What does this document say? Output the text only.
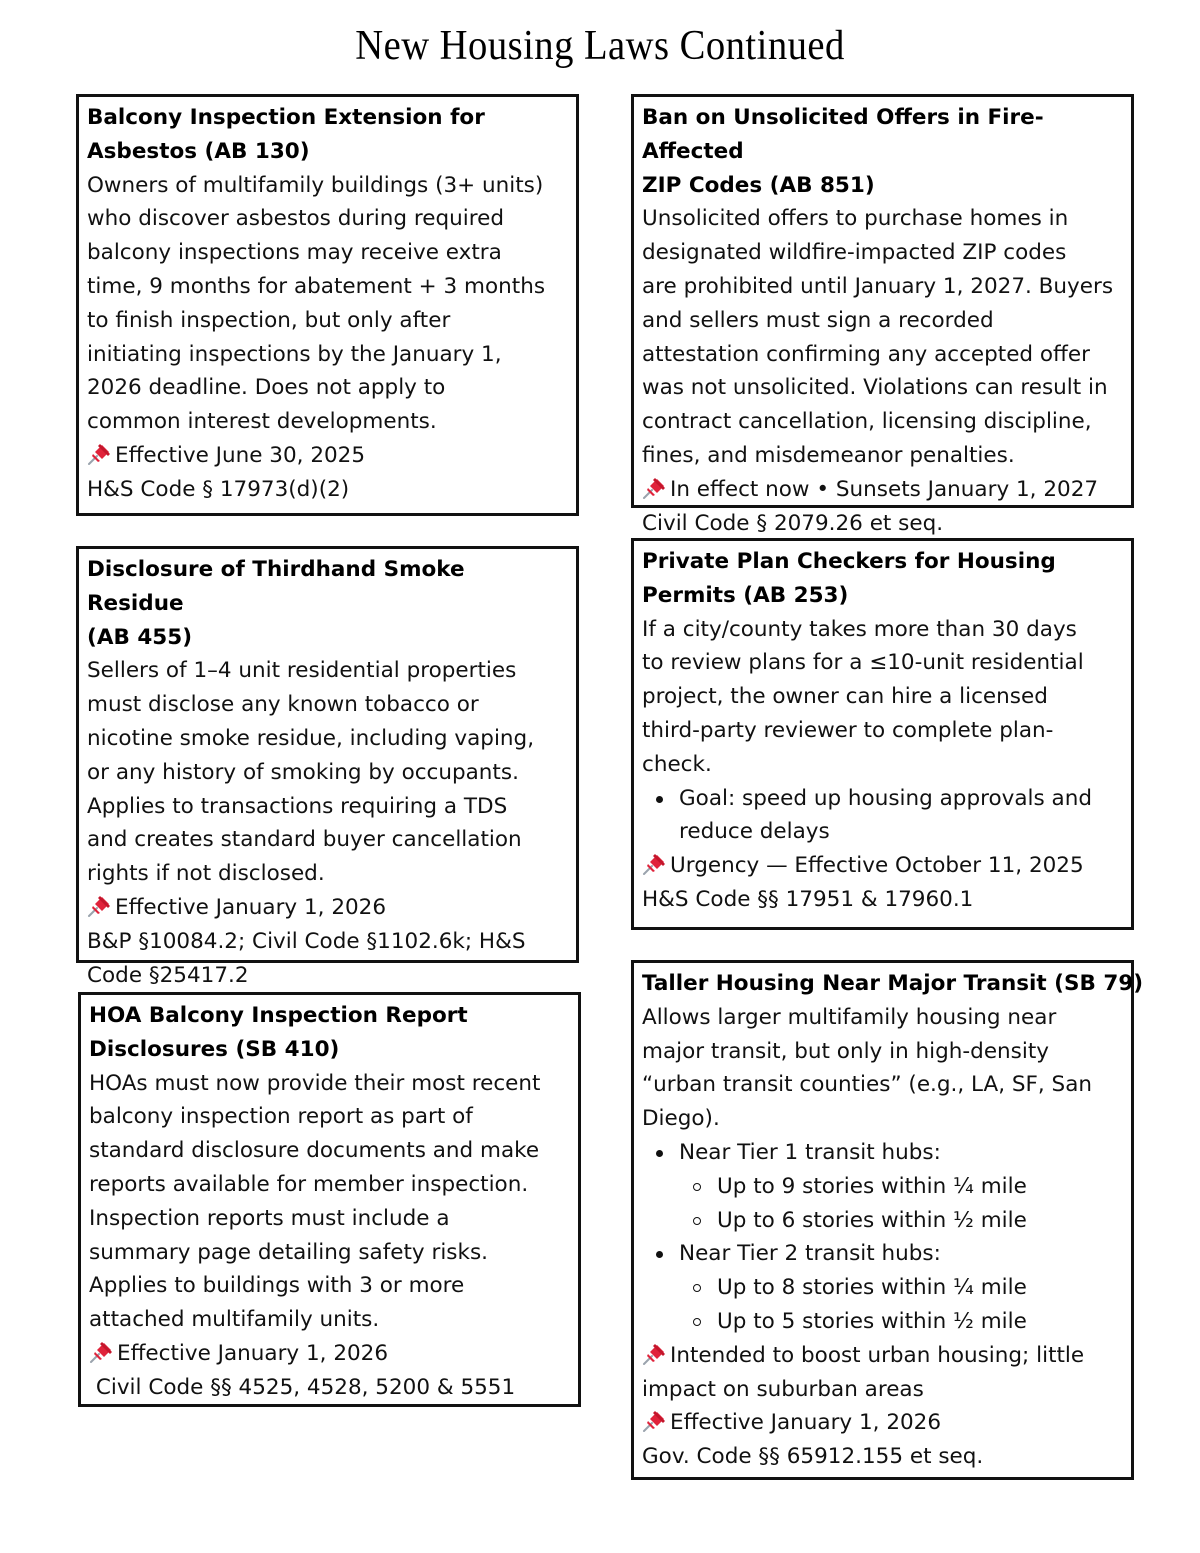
New Housing Laws Continued

Balcony Inspection Extension for

Asbestos (AB 130)

Owners of multifamily buildings (3+ units)

who discover asbestos during required

balcony inspections may receive extra

time, 9 months for abatement + 3 months

to finish inspection, but only after

initiating inspections by the January 1,

2026 deadline. Does not apply to

common interest developments.

Effective June 30, 2025

H&S Code § 17973(d)(2)

Ban on Unsolicited Offers in Fire-Affected

ZIP Codes (AB 851)

Unsolicited offers to purchase homes in

designated wildfire-impacted ZIP codes

are prohibited until January 1, 2027. Buyers

and sellers must sign a recorded

attestation confirming any accepted offer

was not unsolicited. Violations can result in

contract cancellation, licensing discipline,

fines, and misdemeanor penalties.

In effect now • Sunsets January 1, 2027

Civil Code § 2079.26 et seq.

Disclosure of Thirdhand Smoke Residue

(AB 455)

Sellers of 1–4 unit residential properties

must disclose any known tobacco or

nicotine smoke residue, including vaping,

or any history of smoking by occupants.

Applies to transactions requiring a TDS

and creates standard buyer cancellation

rights if not disclosed.

Effective January 1, 2026

B&P §10084.2; Civil Code §1102.6k; H&S

Code §25417.2

Private Plan Checkers for Housing

Permits (AB 253)

If a city/county takes more than 30 days

to review plans for a ≤10-unit residential

project, the owner can hire a licensed

third-party reviewer to complete plan-

check.

Goal: speed up housing approvals and
reduce delays

Urgency — Effective October 11, 2025

H&S Code §§ 17951 & 17960.1

HOA Balcony Inspection Report

Disclosures (SB 410)

HOAs must now provide their most recent

balcony inspection report as part of

standard disclosure documents and make

reports available for member inspection.

Inspection reports must include a

summary page detailing safety risks.

Applies to buildings with 3 or more

attached multifamily units.

Effective January 1, 2026

Civil Code §§ 4525, 4528, 5200 & 5551

Taller Housing Near Major Transit (SB 79)

Allows larger multifamily housing near

major transit, but only in high-density

“urban transit counties” (e.g., LA, SF, San

Diego).

Near Tier 1 transit hubs:
Up to 9 stories within ¼ mile
Up to 6 stories within ½ mile
Near Tier 2 transit hubs:
Up to 8 stories within ¼ mile
Up to 5 stories within ½ mile

Intended to boost urban housing; little

impact on suburban areas

Effective January 1, 2026

Gov. Code §§ 65912.155 et seq.
